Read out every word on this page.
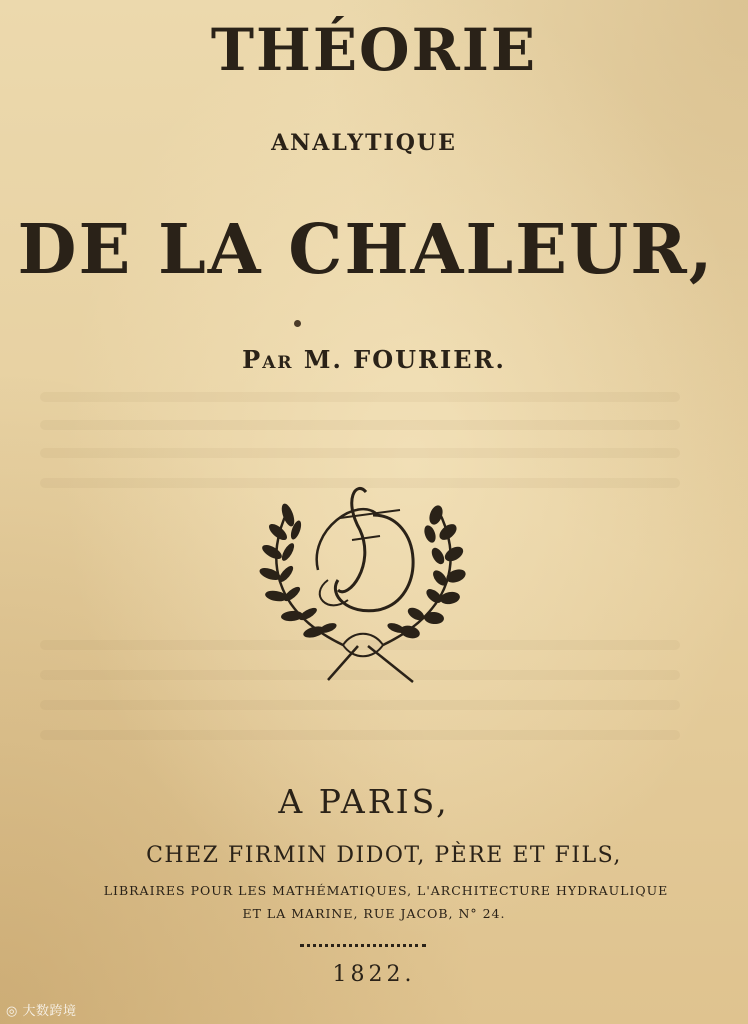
THÉORIE
ANALYTIQUE
DE LA CHALEUR,
PAR M. FOURIER.
A PARIS,
CHEZ FIRMIN DIDOT, PÈRE ET FILS,
LIBRAIRES POUR LES MATHÉMATIQUES, L'ARCHITECTURE HYDRAULIQUE
ET LA MARINE, RUE JACOB, N° 24.
1822.
◎ 大数跨境
